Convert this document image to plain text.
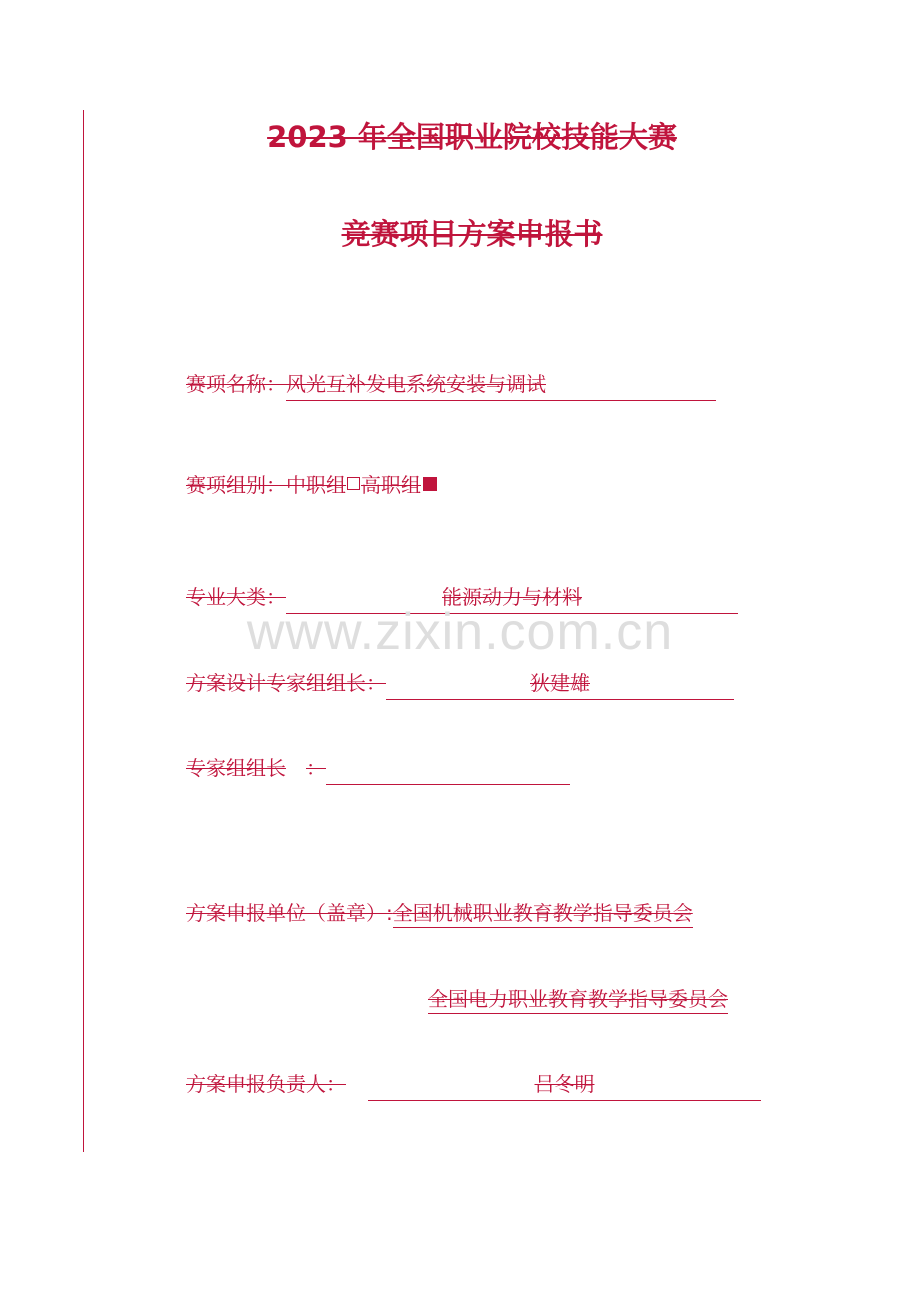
2023 年全国职业院校技能大赛
竞赛项目方案申报书
赛项名称：风光互补发电系统安装与调试
赛项组别：中职组 高职组
专业大类：	能源动力与材料
www.zixin.com.cn
方案设计专家组组长：	狄建雄
专家组组长 ：
方案申报单位（盖章）:全国机械职业教育教学指导委员会
全国电力职业教育教学指导委员会
方案申报负责人：	吕冬明
